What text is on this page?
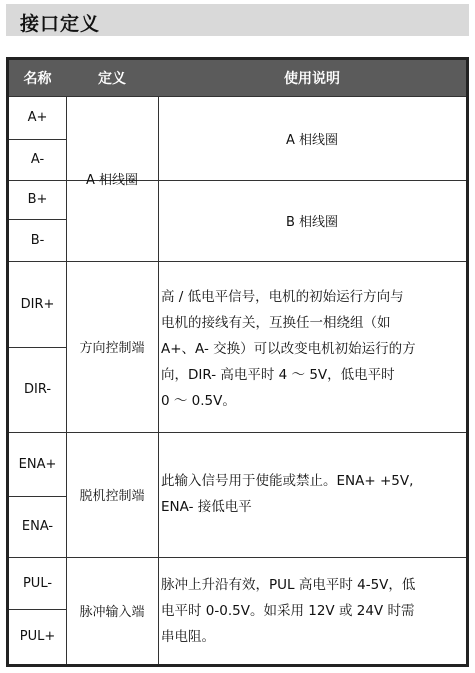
接口定义
名称	定义	使用说明
A+
A-
B+
B-
A 相线圈
A 相线圈
B 相线圈
DIR+
DIR-
方向控制端
高 / 低电平信号，电机的初始运行方向与
电机的接线有关，互换任一相绕组（如
A+、A- 交换）可以改变电机初始运行的方
向，DIR- 高电平时 4 ～ 5V，低电平时
0 ～ 0.5V。
ENA+
ENA-
脱机控制端
此输入信号用于使能或禁止。ENA+ +5V,
ENA- 接低电平
PUL-
PUL+
脉冲输入端
脉冲上升沿有效，PUL 高电平时 4-5V，低
电平时 0-0.5V。如采用 12V 或 24V 时需
串电阻。
